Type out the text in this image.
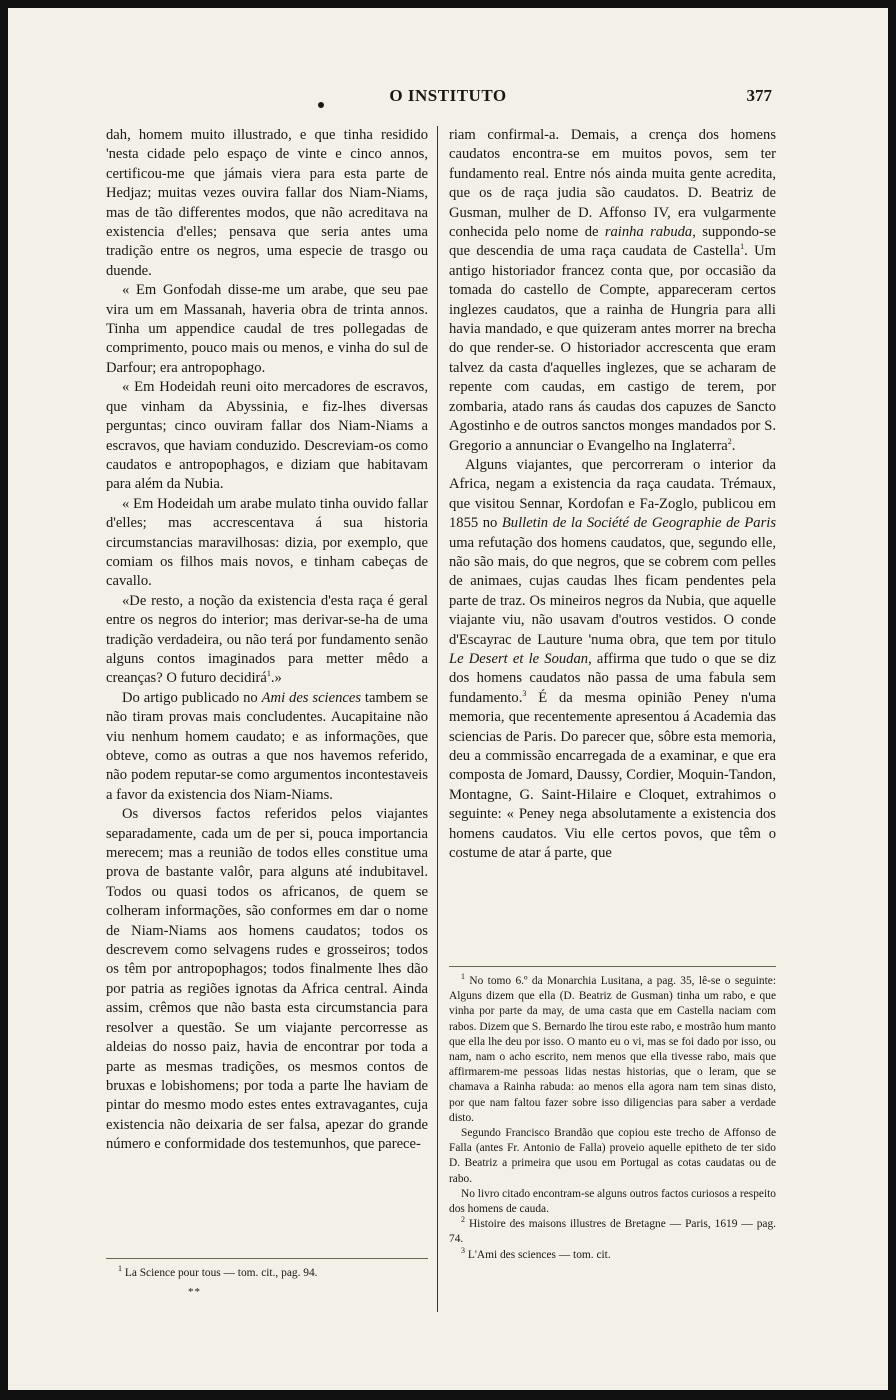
O INSTITUTO	377

dah, homem muito illustrado, e que tinha residido 'nesta cidade pelo espaço de vinte e cinco annos, certificou-me que jámais viera para esta parte de Hedjaz; muitas vezes ouvira fallar dos Niam-Niams, mas de tão differentes modos, que não acreditava na existencia d'elles; pensava que seria antes uma tradição entre os negros, uma especie de trasgo ou duende.

« Em Gonfodah disse-me um arabe, que seu pae vira um em Massanah, haveria obra de trinta annos. Tinha um appendice caudal de tres pollegadas de comprimento, pouco mais ou menos, e vinha do sul de Darfour; era antropophago.

« Em Hodeidah reuni oito mercadores de escravos, que vinham da Abyssinia, e fiz-lhes diversas perguntas; cinco ouviram fallar dos Niam-Niams a escravos, que haviam conduzido. Descreviam-os como caudatos e antropophagos, e diziam que habitavam para além da Nubia.

« Em Hodeidah um arabe mulato tinha ouvido fallar d'elles; mas accrescentava á sua historia circumstancias maravilhosas: dizia, por exemplo, que comiam os filhos mais novos, e tinham cabeças de cavallo.

«De resto, a noção da existencia d'esta raça é geral entre os negros do interior; mas derivar-se-ha de uma tradição verdadeira, ou não terá por fundamento senão alguns contos imaginados para metter mêdo a creanças? O futuro decidirá$^1$.»

Do artigo publicado no Ami des sciences tambem se não tiram provas mais concludentes. Aucapitaine não viu nenhum homem caudato; e as informações, que obteve, como as outras a que nos havemos referido, não podem reputar-se como argumentos incontestaveis a favor da existencia dos Niam-Niams.

Os diversos factos referidos pelos viajantes separadamente, cada um de per si, pouca importancia merecem; mas a reunião de todos elles constitue uma prova de bastante valôr, para alguns até indubitavel. Todos ou quasi todos os africanos, de quem se colheram informações, são conformes em dar o nome de Niam-Niams aos homens caudatos; todos os descrevem como selvagens rudes e grosseiros; todos os têm por antropophagos; todos finalmente lhes dão por patria as regiões ignotas da Africa central. Ainda assim, crêmos que não basta esta circumstancia para resolver a questão. Se um viajante percorresse as aldeias do nosso paiz, havia de encontrar por toda a parte as mesmas tradições, os mesmos contos de bruxas e lobishomens; por toda a parte lhe haviam de pintar do mesmo modo estes entes extravagantes, cuja existencia não deixaria de ser falsa, apezar do grande número e conformidade dos testemunhos, que parece-

riam confirmal-a. Demais, a crença dos homens caudatos encontra-se em muitos povos, sem ter fundamento real. Entre nós ainda muita gente acredita, que os de raça judia são caudatos. D. Beatriz de Gusman, mulher de D. Affonso IV, era vulgarmente conhecida pelo nome de rainha rabuda, suppondo-se que descendia de uma raça caudata de Castella$^1$. Um antigo historiador francez conta que, por occasião da tomada do castello de Compte, appareceram certos inglezes caudatos, que a rainha de Hungria para alli havia mandado, e que quizeram antes morrer na brecha do que render-se. O historiador accrescenta que eram talvez da casta d'aquelles inglezes, que se acharam de repente com caudas, em castigo de terem, por zombaria, atado rans ás caudas dos capuzes de Sancto Agostinho e de outros sanctos monges mandados por S. Gregorio a annunciar o Evangelho na Inglaterra$^2$.

Alguns viajantes, que percorreram o interior da Africa, negam a existencia da raça caudata. Trémaux, que visitou Sennar, Kordofan e Fa-Zoglo, publicou em 1855 no Bulletin de la Société de Geographie de Paris uma refutação dos homens caudatos, que, segundo elle, não são mais, do que negros, que se cobrem com pelles de animaes, cujas caudas lhes ficam pendentes pela parte de traz. Os mineiros negros da Nubia, que aquelle viajante viu, não usavam d'outros vestidos. O conde d'Escayrac de Lauture 'numa obra, que tem por titulo Le Desert et le Soudan, affirma que tudo o que se diz dos homens caudatos não passa de uma fabula sem fundamento.$^3$ É da mesma opinião Peney n'uma memoria, que recentemente apresentou á Academia das sciencias de Paris. Do parecer que, sôbre esta memoria, deu a commissão encarregada de a examinar, e que era composta de Jomard, Daussy, Cordier, Moquin-Tandon, Montagne, G. Saint-Hilaire e Cloquet, extrahimos o seguinte: « Peney nega absolutamente a existencia dos homens caudatos. Viu elle certos povos, que têm o costume de atar á parte, que

$^1$ No tomo 6.º da Monarchia Lusitana, a pag. 35, lê-se o seguinte: Alguns dizem que ella (D. Beatriz de Gusman) tinha um rabo, e que vinha por parte da may, de uma casta que em Castella naciam com rabos. Dizem que S. Bernardo lhe tirou este rabo, e mostrão hum manto que ella lhe deu por isso. O manto eu o vi, mas se foi dado por isso, ou nam, nam o acho escrito, nem menos que ella tivesse rabo, mais que affirmarem-me pessoas lidas nestas historias, que o leram, que se chamava a Rainha rabuda: ao menos ella agora nam tem sinas disto, por que nam faltou fazer sobre isso diligencias para saber a verdade disto.

Segundo Francisco Brandão que copiou este trecho de Affonso de Falla (antes Fr. Antonio de Falla) proveio aquelle epitheto de ter sido D. Beatriz a primeira que usou em Portugal as cotas caudatas ou de rabo.

No livro citado encontram-se alguns outros factos curiosos a respeito dos homens de cauda.

$^2$ Histoire des maisons illustres de Bretagne — Paris, 1619 — pag. 74.

$^3$ L'Ami des sciences — tom. cit.

$^1$ La Science pour tous — tom. cit., pag. 94.

**
